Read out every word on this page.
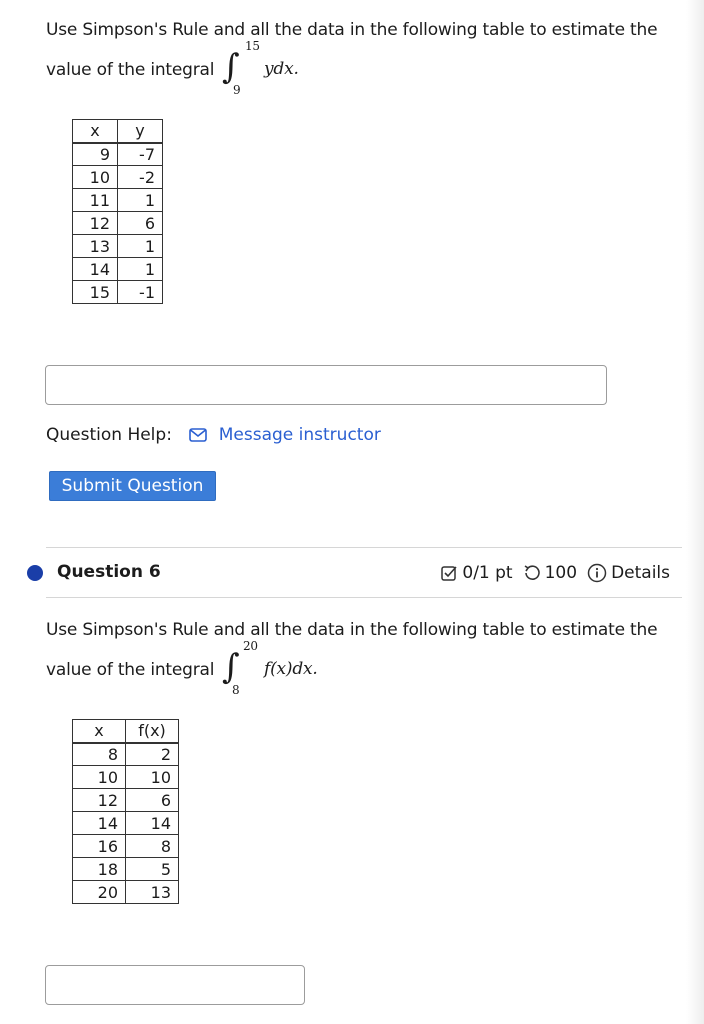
Use Simpson's Rule and all the data in the following table to estimate the
value of the integral ∫
15
9
ydx.
x	y
9	-7
10	-2
11	1
12	6
13	1
14	1
15	-1
Question Help:	Message instructor
Submit Question
Question 6	0/1 pt 100 Details
Use Simpson's Rule and all the data in the following table to estimate the
value of the integral ∫
20
8
f(x)dx.
x	f(x)
8	2
10	10
12	6
14	14
16	8
18	5
20	13
